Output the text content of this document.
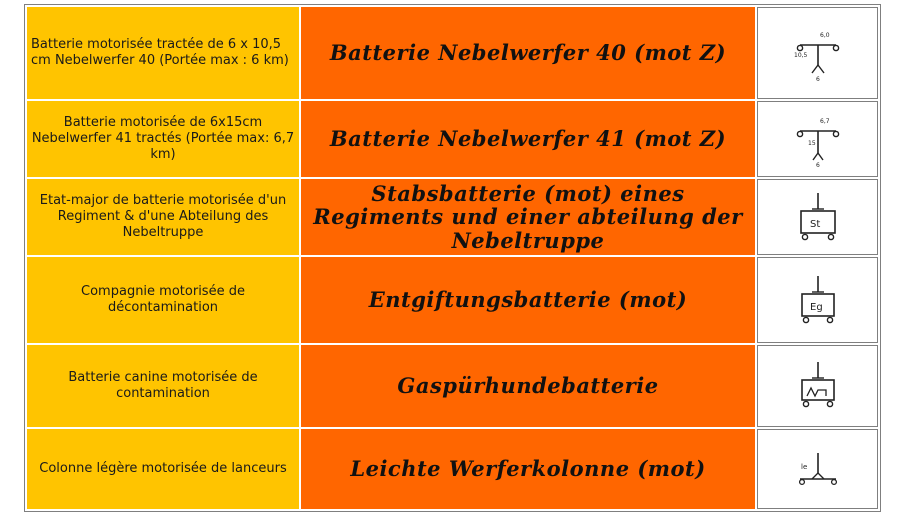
Batterie motorisée tractée de 6 x 10,5 cm Nebelwerfer 40 (Portée max : 6 km)	Batterie Nebelwerfer 40 (mot Z)	6,0
10,5
6

Batterie motorisée de 6x15cm Nebelwerfer 41 tractés (Portée max: 6,7 km)	Batterie Nebelwerfer 41 (mot Z)	6,7
15
6

Etat-major de batterie motorisée d'un Regiment & d'une Abteilung des Nebeltruppe	Stabsbatterie (mot) eines Regiments und einer abteilung der Nebeltruppe	St

Compagnie motorisée de décontamination	Entgiftungsbatterie (mot)	Eg

Batterie canine motorisée de contamination	Gaspürhundebatterie

Colonne légère motorisée de lanceurs	Leichte Werferkolonne (mot)	le
